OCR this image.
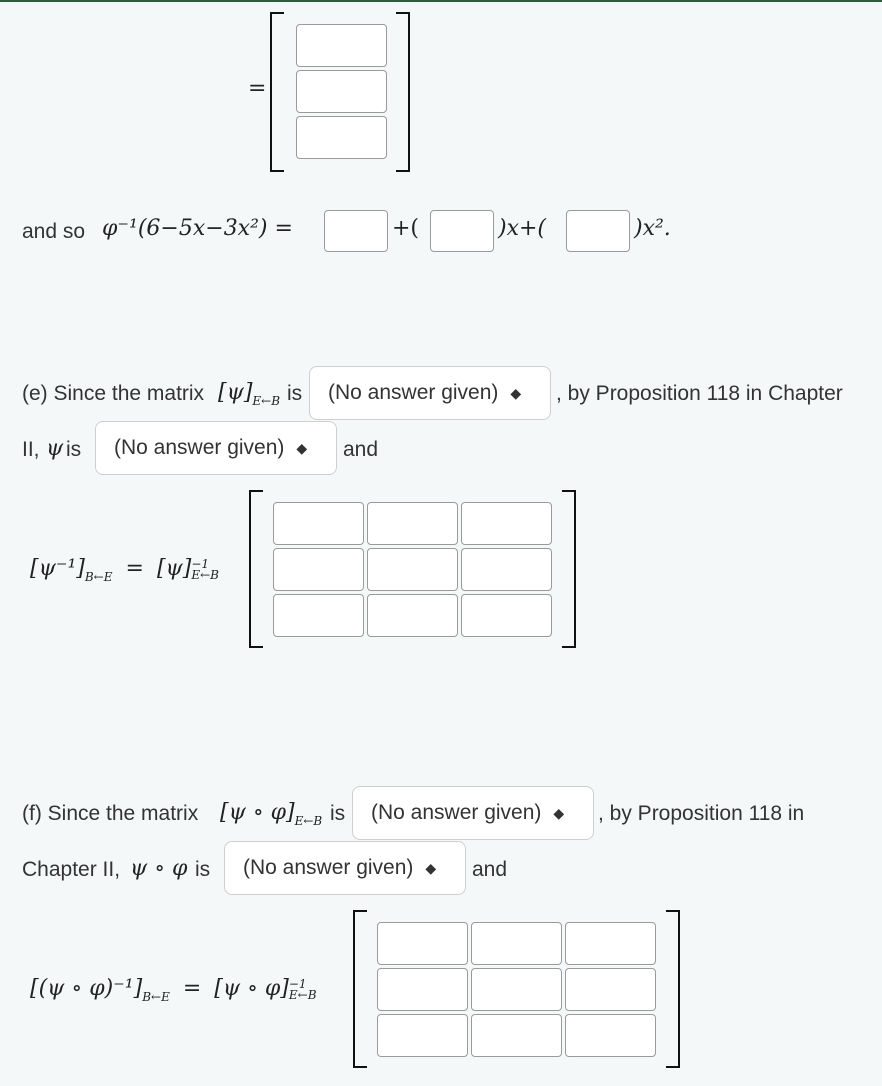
=
and so φ⁻¹(6−5x−3x²) =	+(	)x+(	)x².
(e) Since the matrix $[\psi]_{E\leftarrow B}$ is (No answer given) ◆ , by Proposition 118 in Chapter
II, ψ is (No answer given) ◆ and
$[\psi^{-1}]_{B\leftarrow E} = [\psi] -1$
E←B
(f) Since the matrix [ψ ∘ $\varphi]_{E\leftarrow B}$ is (No answer given) ◆ , by Proposition 118 in
Chapter II, ψ ∘ φ is (No answer given) ◆ and
[(ψ ∘ $\varphi)^{-1}]_{B\leftarrow E} = [\psi$ ∘ φ] −1
E←B
